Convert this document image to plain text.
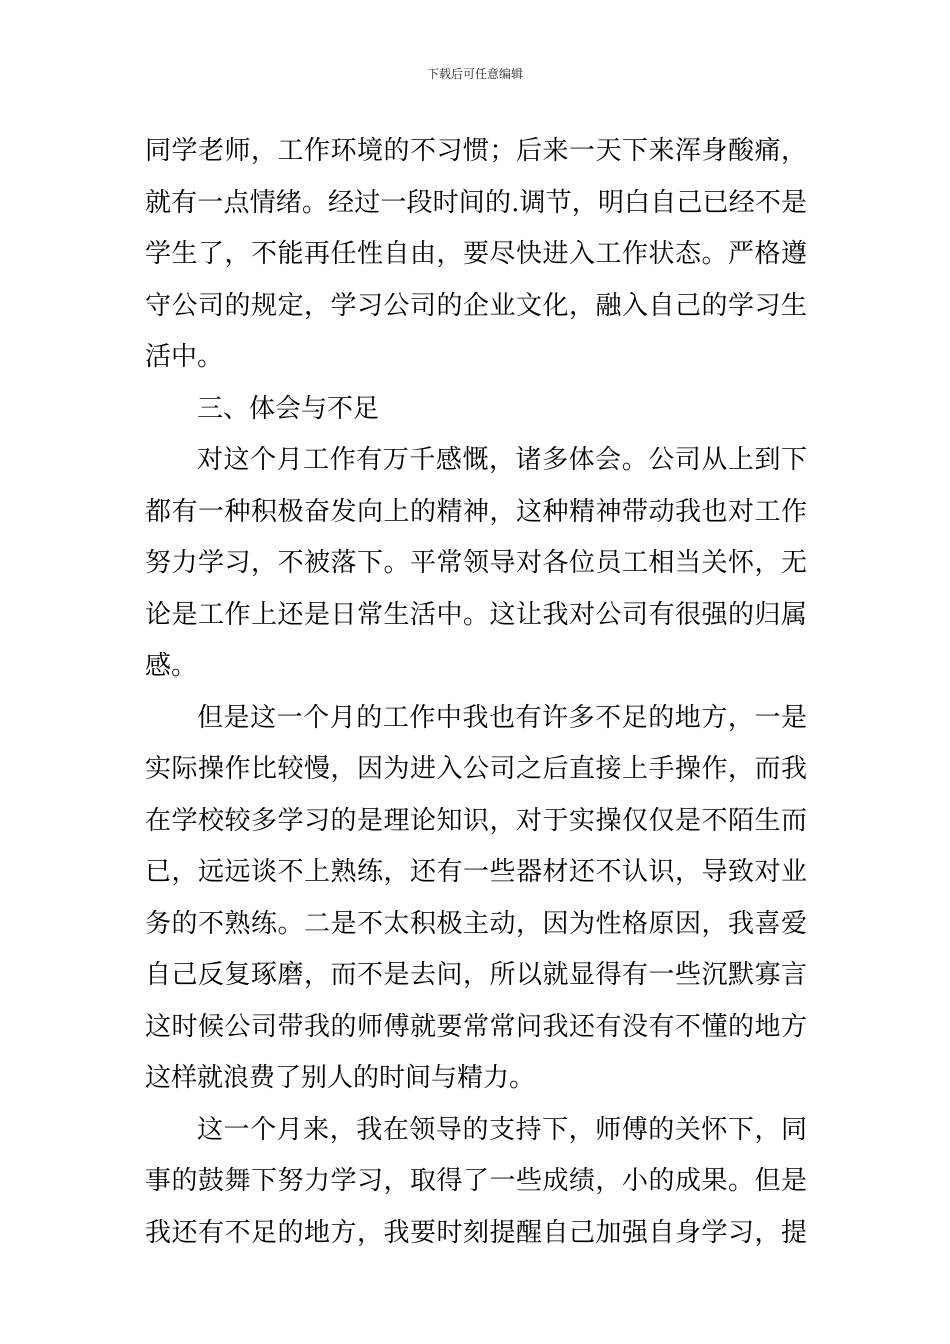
下载后可任意编辑
同学老师，工作环境的不习惯；后来一天下来浑身酸痛，
就有一点情绪。经过一段时间的.调节，明白自己已经不是
学生了，不能再任性自由，要尽快进入工作状态。严格遵
守公司的规定，学习公司的企业文化，融入自己的学习生
活中。
三、体会与不足
对这个月工作有万千感慨，诸多体会。公司从上到下
都有一种积极奋发向上的精神，这种精神带动我也对工作
努力学习，不被落下。平常领导对各位员工相当关怀，无
论是工作上还是日常生活中。这让我对公司有很强的归属
感。
但是这一个月的工作中我也有许多不足的地方，一是
实际操作比较慢，因为进入公司之后直接上手操作，而我
在学校较多学习的是理论知识，对于实操仅仅是不陌生而
已，远远谈不上熟练，还有一些器材还不认识，导致对业
务的不熟练。二是不太积极主动，因为性格原因，我喜爱
自己反复琢磨，而不是去问，所以就显得有一些沉默寡言
这时候公司带我的师傅就要常常问我还有没有不懂的地方
这样就浪费了别人的时间与精力。
这一个月来，我在领导的支持下，师傅的关怀下，同
事的鼓舞下努力学习，取得了一些成绩，小的成果。但是
我还有不足的地方，我要时刻提醒自己加强自身学习，提
